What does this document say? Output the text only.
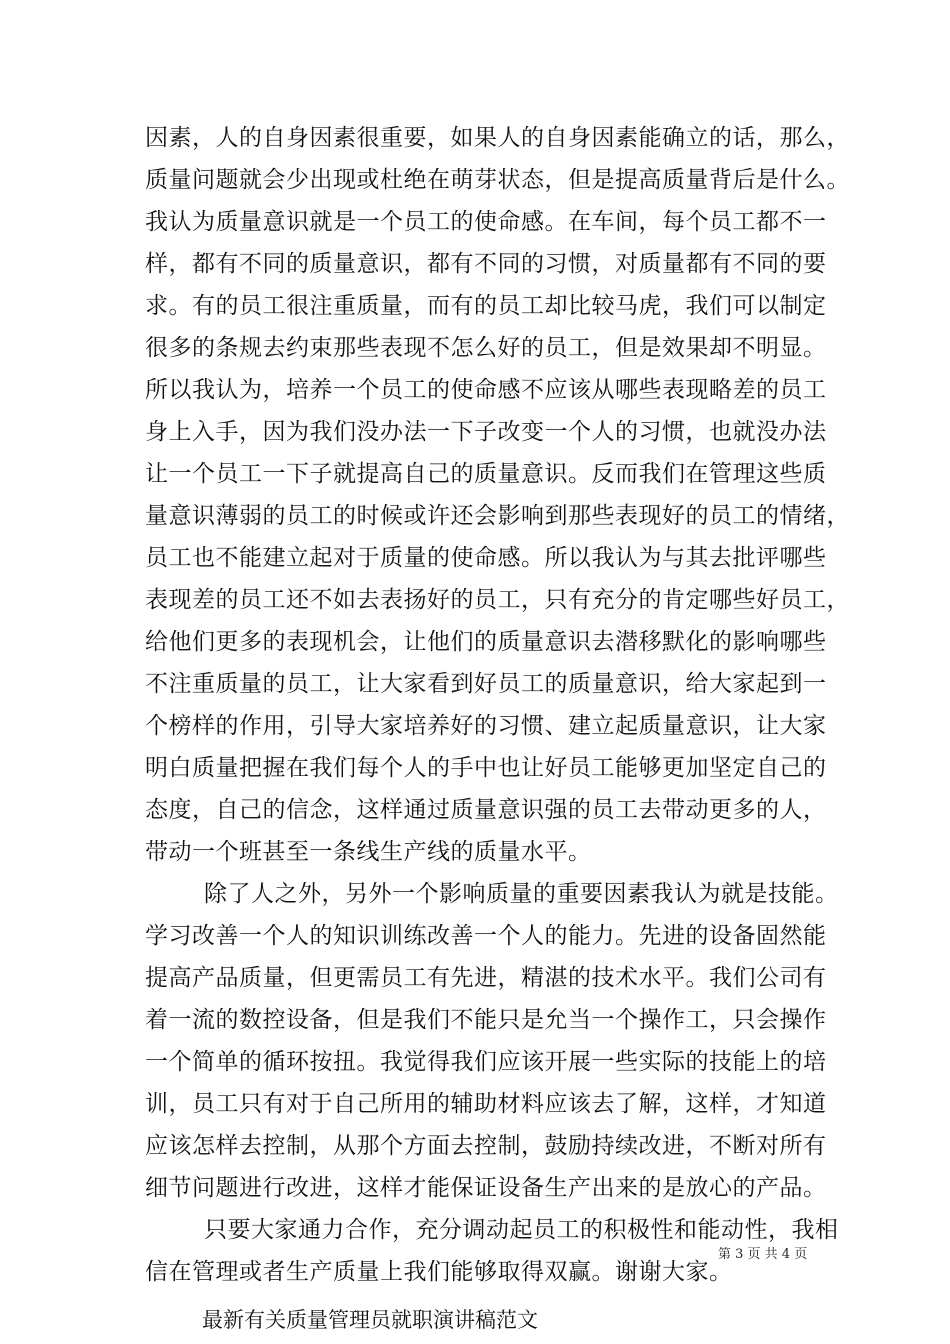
因素，人的自身因素很重要，如果人的自身因素能确立的话，那么，
质量问题就会少出现或杜绝在萌芽状态，但是提高质量背后是什么。
我认为质量意识就是一个员工的使命感。在车间，每个员工都不一
样，都有不同的质量意识，都有不同的习惯，对质量都有不同的要
求。有的员工很注重质量，而有的员工却比较马虎，我们可以制定
很多的条规去约束那些表现不怎么好的员工，但是效果却不明显。
所以我认为，培养一个员工的使命感不应该从哪些表现略差的员工
身上入手，因为我们没办法一下子改变一个人的习惯，也就没办法
让一个员工一下子就提高自己的质量意识。反而我们在管理这些质
量意识薄弱的员工的时候或许还会影响到那些表现好的员工的情绪，
员工也不能建立起对于质量的使命感。所以我认为与其去批评哪些
表现差的员工还不如去表扬好的员工，只有充分的肯定哪些好员工，
给他们更多的表现机会，让他们的质量意识去潜移默化的影响哪些
不注重质量的员工，让大家看到好员工的质量意识，给大家起到一
个榜样的作用，引导大家培养好的习惯、建立起质量意识，让大家
明白质量把握在我们每个人的手中也让好员工能够更加坚定自己的
态度，自己的信念，这样通过质量意识强的员工去带动更多的人，
带动一个班甚至一条线生产线的质量水平。
除了人之外，另外一个影响质量的重要因素我认为就是技能。
学习改善一个人的知识训练改善一个人的能力。先进的设备固然能
提高产品质量，但更需员工有先进，精湛的技术水平。我们公司有
着一流的数控设备，但是我们不能只是允当一个操作工，只会操作
一个简单的循环按扭。我觉得我们应该开展一些实际的技能上的培
训，员工只有对于自己所用的辅助材料应该去了解，这样，才知道
应该怎样去控制，从那个方面去控制，鼓励持续改进，不断对所有
细节问题进行改进，这样才能保证设备生产出来的是放心的产品。
只要大家通力合作，充分调动起员工的积极性和能动性，我相
信在管理或者生产质量上我们能够取得双赢。谢谢大家。
最新有关质量管理员就职演讲稿范文
第 3 页 共 4 页
